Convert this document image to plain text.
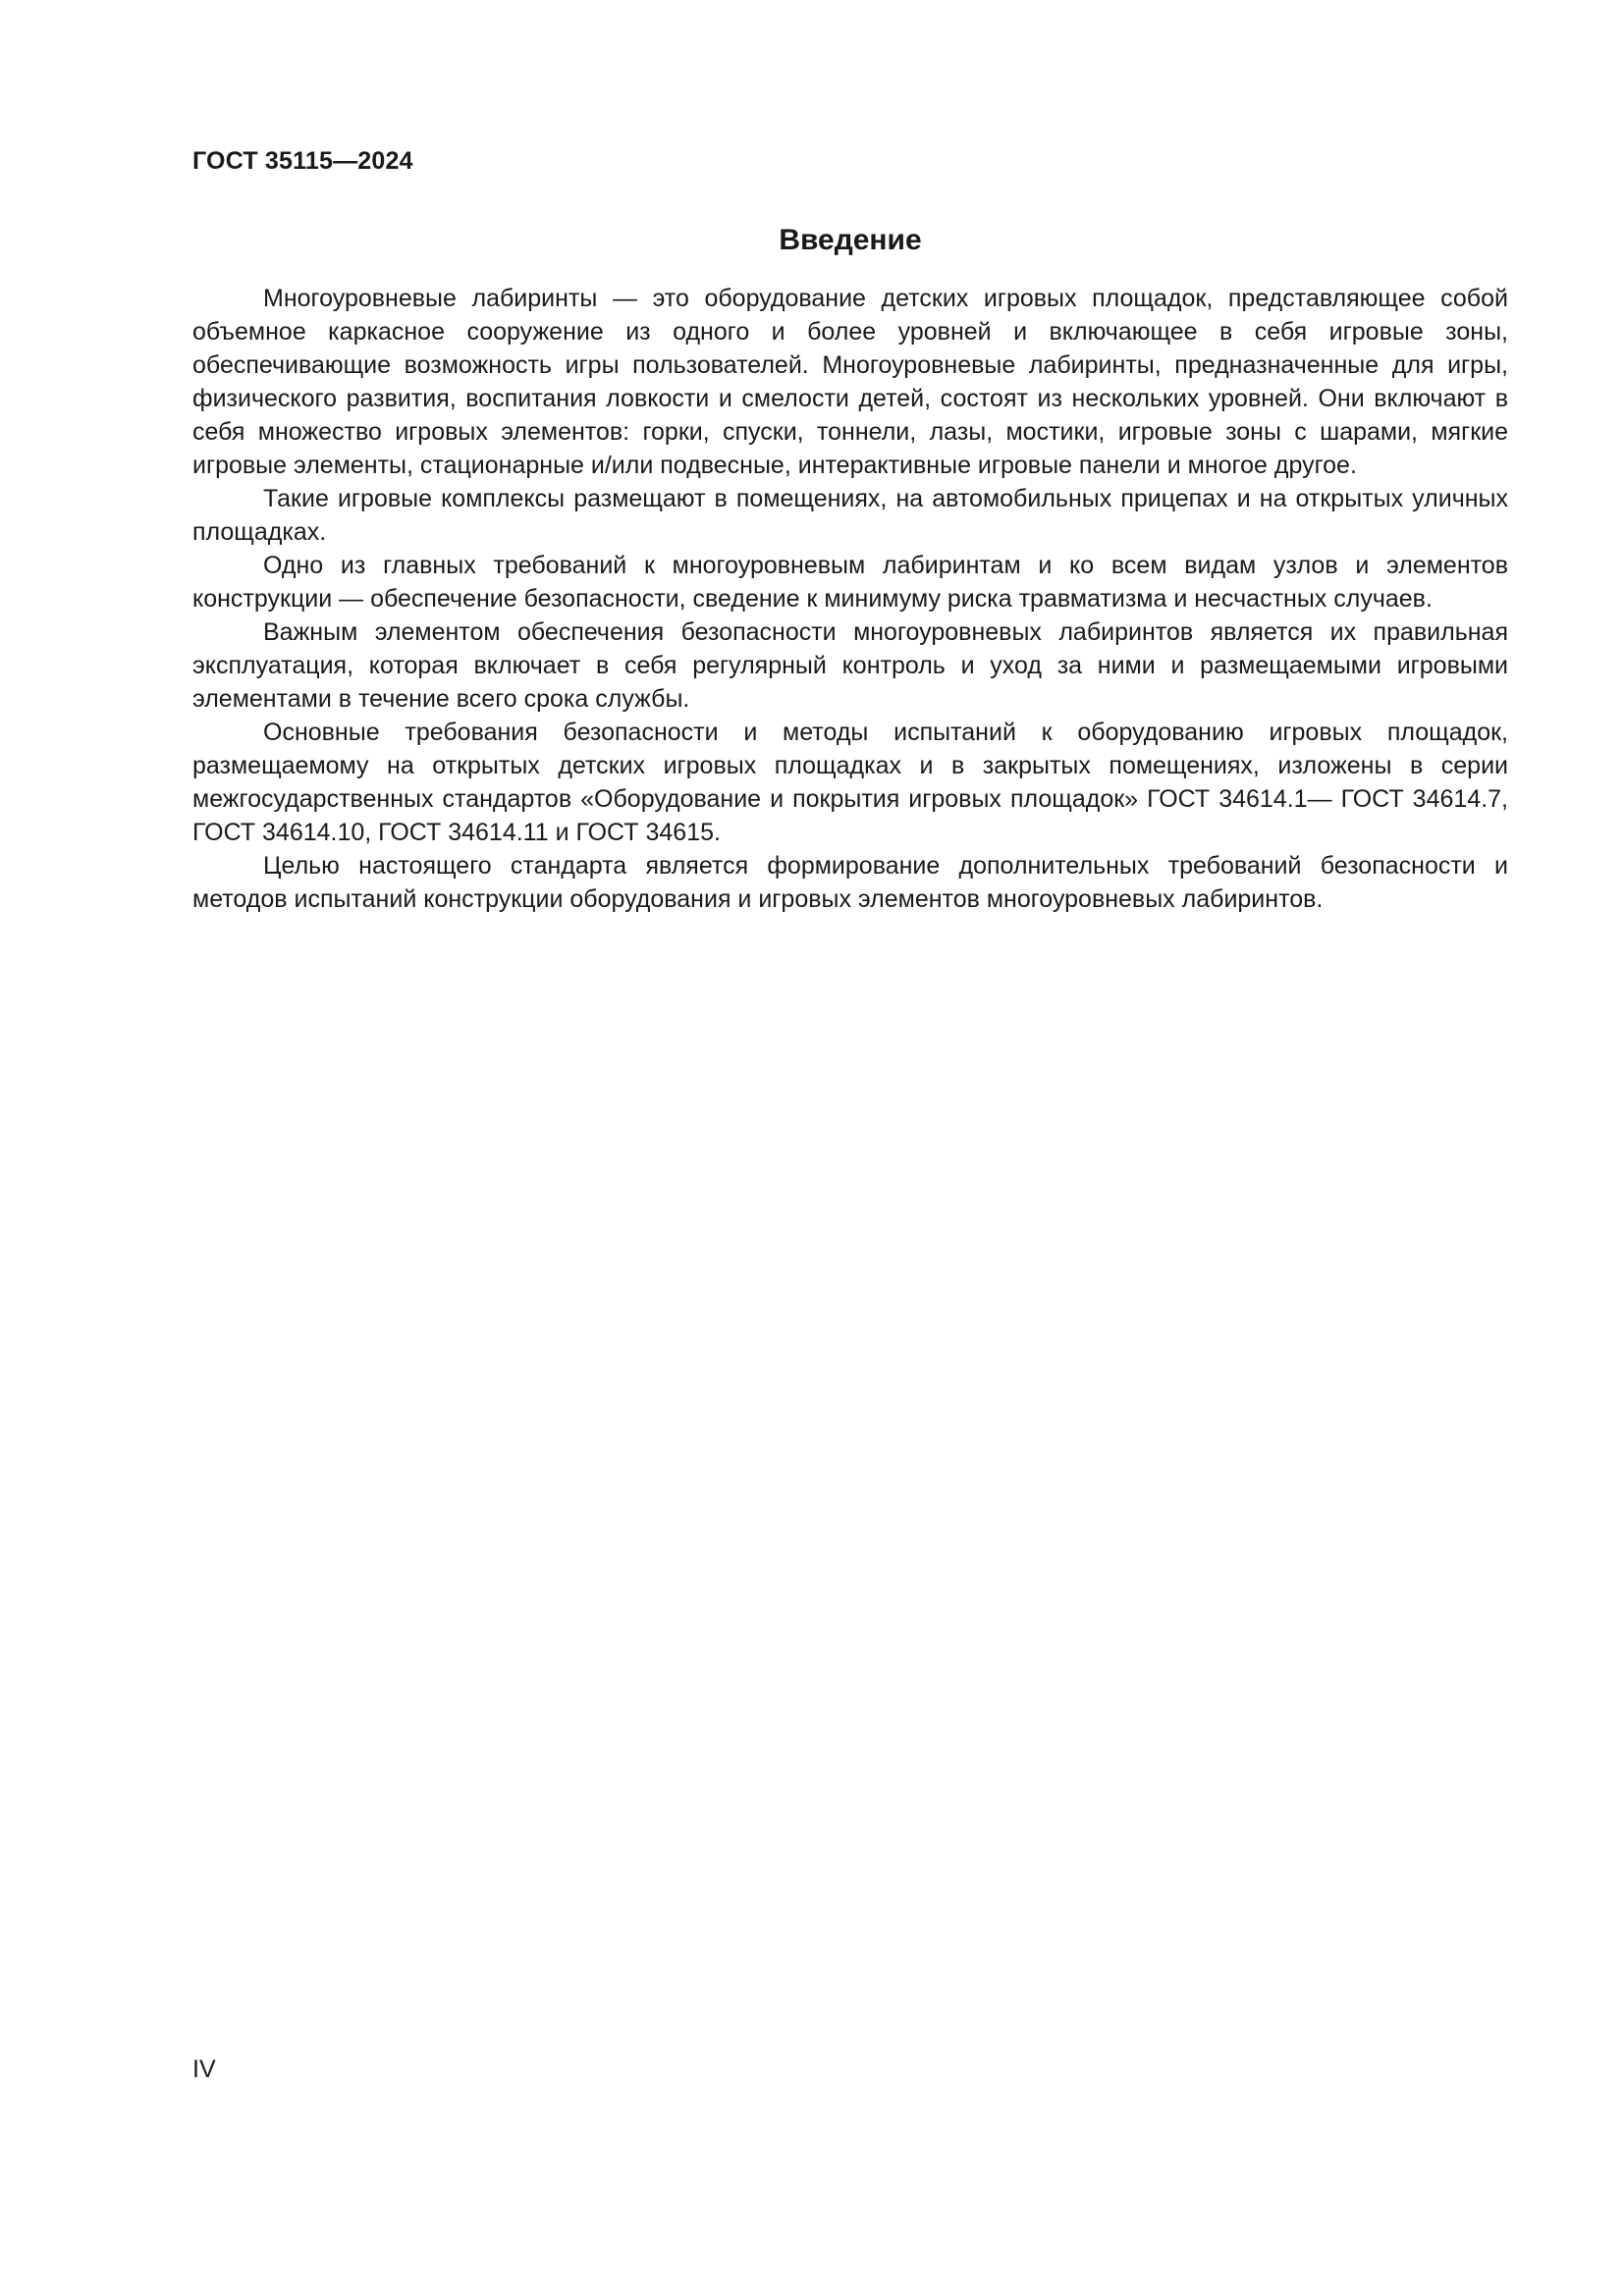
ГОСТ 35115—2024
Введение

Многоуровневые лабиринты — это оборудование детских игровых площадок, представляющее собой объемное каркасное сооружение из одного и более уровней и включающее в себя игровые зоны, обеспечивающие возможность игры пользователей. Многоуровневые лабиринты, предназначенные для игры, физического развития, воспитания ловкости и смелости детей, состоят из нескольких уровней. Они включают в себя множество игровых элементов: горки, спуски, тоннели, лазы, мостики, игровые зоны с шарами, мягкие игровые элементы, стационарные и/или подвесные, интерактивные игровые панели и многое другое.

Такие игровые комплексы размещают в помещениях, на автомобильных прицепах и на открытых уличных площадках.

Одно из главных требований к многоуровневым лабиринтам и ко всем видам узлов и элементов конструкции — обеспечение безопасности, сведение к минимуму риска травматизма и несчастных случаев.

Важным элементом обеспечения безопасности многоуровневых лабиринтов является их правильная эксплуатация, которая включает в себя регулярный контроль и уход за ними и размещаемыми игровыми элементами в течение всего срока службы.

Основные требования безопасности и методы испытаний к оборудованию игровых площадок, размещаемому на открытых детских игровых площадках и в закрытых помещениях, изложены в серии межгосударственных стандартов «Оборудование и покрытия игровых площадок» ГОСТ 34614.1— ГОСТ 34614.7, ГОСТ 34614.10, ГОСТ 34614.11 и ГОСТ 34615.

Целью настоящего стандарта является формирование дополнительных требований безопасности и методов испытаний конструкции оборудования и игровых элементов многоуровневых лабиринтов.

IV
